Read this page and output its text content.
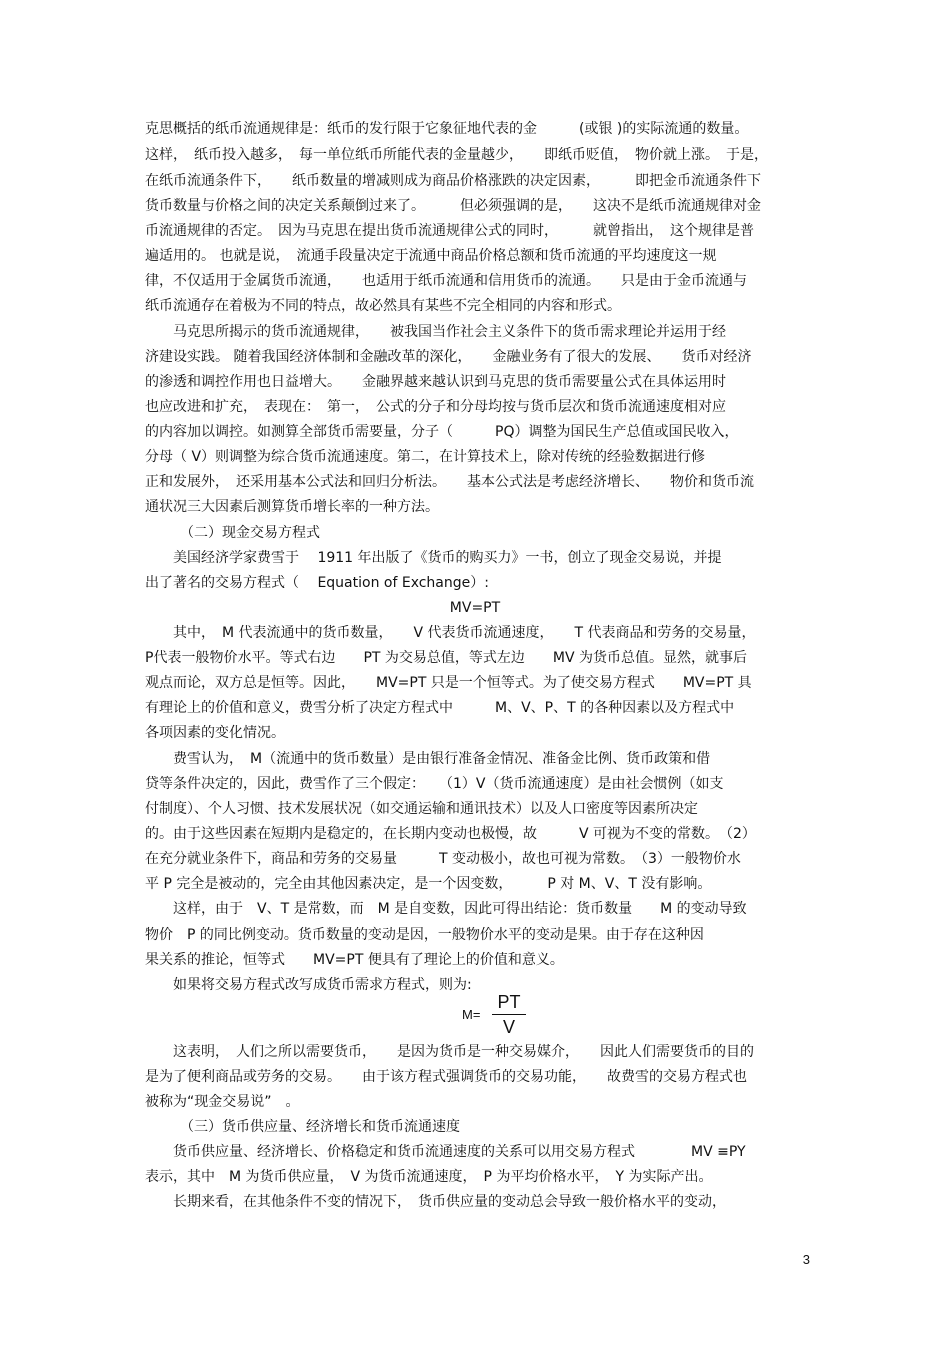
克思概括的纸币流通规律是：纸币的发行限于它象征地代表的金　　　(或银 )的实际流通的数量。
这样，　纸币投入越多，　每一单位纸币所能代表的金量越少，　　即纸币贬值，　物价就上涨。　于是，
在纸币流通条件下，　　纸币数量的增减则成为商品价格涨跌的决定因素，　　　即把金币流通条件下
货币数量与价格之间的决定关系颠倒过来了。　　　但必须强调的是，　　这决不是纸币流通规律对金
币流通规律的否定。　因为马克思在提出货币流通规律公式的同时，　　　就曾指出，　这个规律是普
遍适用的。 也就是说，　流通手段量决定于流通中商品价格总额和货币流通的平均速度这一规
律，不仅适用于金属货币流通，　　也适用于纸币流通和信用货币的流通。　　只是由于金币流通与
纸币流通存在着极为不同的特点，故必然具有某些不完全相同的内容和形式。
　　马克思所揭示的货币流通规律，　　被我国当作社会主义条件下的货币需求理论并运用于经
济建设实践。 随着我国经济体制和金融改革的深化，　　金融业务有了很大的发展、　　货币对经济
的渗透和调控作用也日益增大。　　金融界越来越认识到马克思的货币需要量公式在具体运用时
也应改进和扩充，　表现在：　第一，　公式的分子和分母均按与货币层次和货币流通速度相对应
的内容加以调控。如测算全部货币需要量，分子（　　　PQ）调整为国民生产总值或国民收入，
分母（ V）则调整为综合货币流通速度。第二，在计算技术上，除对传统的经验数据进行修
正和发展外，　还采用基本公式法和回归分析法。　　基本公式法是考虑经济增长、　　物价和货币流
通状况三大因素后测算货币增长率的一种方法。
　　　（二）现金交易方程式
　　美国经济学家费雪于　 1911 年出版了《货币的购买力》一书，创立了现金交易说，并提
出了著名的交易方程式（　 Equation of Exchange）:
MV=PT
　　其中，　M 代表流通中的货币数量，　　V 代表货币流通速度，　　T 代表商品和劳务的交易量，
P代表一般物价水平。等式右边　　PT 为交易总值，等式左边　　MV 为货币总值。显然，就事后
观点而论，双方总是恒等。因此，　　MV=PT 只是一个恒等式。为了使交易方程式　　MV=PT 具
有理论上的价值和意义，费雪分析了决定方程式中　　　M、V、P、T 的各种因素以及方程式中
各项因素的变化情况。
　　费雪认为，　M（流通中的货币数量）是由银行准备金情况、准备金比例、货币政策和借
贷等条件决定的，因此，费雪作了三个假定：　　（1）V（货币流通速度）是由社会惯例（如支
付制度）、个人习惯、技术发展状况（如交通运输和通讯技术）以及人口密度等因素所决定
的。由于这些因素在短期内是稳定的，在长期内变动也极慢，故　　　V 可视为不变的常数。　（2）
在充分就业条件下，商品和劳务的交易量　　　T 变动极小，故也可视为常数。　（3）一般物价水
平 P 完全是被动的，完全由其他因素决定，是一个因变数，　　　P 对 M、V、T 没有影响。
　　这样，由于　V、T 是常数，而　M 是自变数，因此可得出结论：货币数量　　M 的变动导致
物价　P 的同比例变动。货币数量的变动是因，一般物价水平的变动是果。由于存在这种因
果关系的推论，恒等式　　MV=PT 便具有了理论上的价值和意义。
　　如果将交易方程式改写成货币需求方程式，则为:
M=
PT
V
　　这表明，　人们之所以需要货币，　　是因为货币是一种交易媒介，　　因此人们需要货币的目的
是为了便利商品或劳务的交易。　　由于该方程式强调货币的交易功能，　　故费雪的交易方程式也
被称为“现金交易说”　。
　　　（三）货币供应量、经济增长和货币流通速度
　　货币供应量、经济增长、价格稳定和货币流通速度的关系可以用交易方程式　　　　MV ≡PY
表示，其中　M 为货币供应量，　V 为货币流通速度，　P 为平均价格水平，　Y 为实际产出。
　　长期来看，在其他条件不变的情况下，　货币供应量的变动总会导致一般价格水平的变动，
3
